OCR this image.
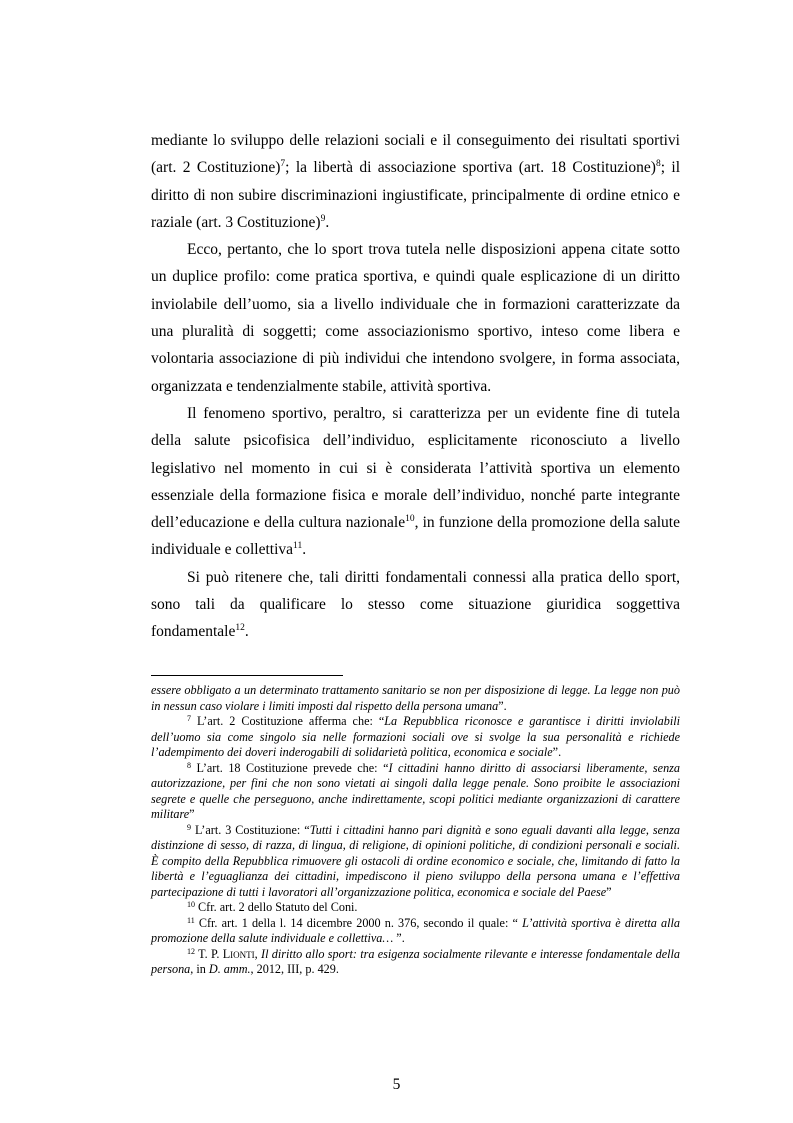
mediante lo sviluppo delle relazioni sociali e il conseguimento dei risultati sportivi (art. 2 Costituzione)$^7$; la libertà di associazione sportiva (art. 18 Costituzione)$^8$; il diritto di non subire discriminazioni ingiustificate, principalmente di ordine etnico e raziale (art. 3 Costituzione)$^9$.

Ecco, pertanto, che lo sport trova tutela nelle disposizioni appena citate sotto un duplice profilo: come pratica sportiva, e quindi quale esplicazione di un diritto inviolabile dell’uomo, sia a livello individuale che in formazioni caratterizzate da una pluralità di soggetti; come associazionismo sportivo, inteso come libera e volontaria associazione di più individui che intendono svolgere, in forma associata, organizzata e tendenzialmente stabile, attività sportiva.

Il fenomeno sportivo, peraltro, si caratterizza per un evidente fine di tutela della salute psicofisica dell’individuo, esplicitamente riconosciuto a livello legislativo nel momento in cui si è considerata l’attività sportiva un elemento essenziale della formazione fisica e morale dell’individuo, nonché parte integrante dell’educazione e della cultura nazionale$^{10}$, in funzione della promozione della salute individuale e collettiva$^{11}$.

Si può ritenere che, tali diritti fondamentali connessi alla pratica dello sport, sono tali da qualificare lo stesso come situazione giuridica soggettiva fondamentale$^{12}$.

essere obbligato a un determinato trattamento sanitario se non per disposizione di legge. La legge non può in nessun caso violare i limiti imposti dal rispetto della persona umana”.

$^7$ L’art. 2 Costituzione afferma che: “La Repubblica riconosce e garantisce i diritti inviolabili dell’uomo sia come singolo sia nelle formazioni sociali ove si svolge la sua personalità e richiede l’adempimento dei doveri inderogabili di solidarietà politica, economica e sociale”.

$^8$ L’art. 18 Costituzione prevede che: “I cittadini hanno diritto di associarsi liberamente, senza autorizzazione, per fini che non sono vietati ai singoli dalla legge penale. Sono proibite le associazioni segrete e quelle che perseguono, anche indirettamente, scopi politici mediante organizzazioni di carattere militare”

$^9$ L’art. 3 Costituzione: “Tutti i cittadini hanno pari dignità e sono eguali davanti alla legge, senza distinzione di sesso, di razza, di lingua, di religione, di opinioni politiche, di condizioni personali e sociali. È compito della Repubblica rimuovere gli ostacoli di ordine economico e sociale, che, limitando di fatto la libertà e l’eguaglianza dei cittadini, impediscono il pieno sviluppo della persona umana e l’effettiva partecipazione di tutti i lavoratori all’organizzazione politica, economica e sociale del Paese”

$^{10}$ Cfr. art. 2 dello Statuto del Coni.

$^{11}$ Cfr. art. 1 della l. 14 dicembre 2000 n. 376, secondo il quale: “ L’attività sportiva è diretta alla promozione della salute individuale e collettiva… ”.

$^{12}$ T. P. Lionti, Il diritto allo sport: tra esigenza socialmente rilevante e interesse fondamentale della persona, in D. amm., 2012, III, p. 429.

5
